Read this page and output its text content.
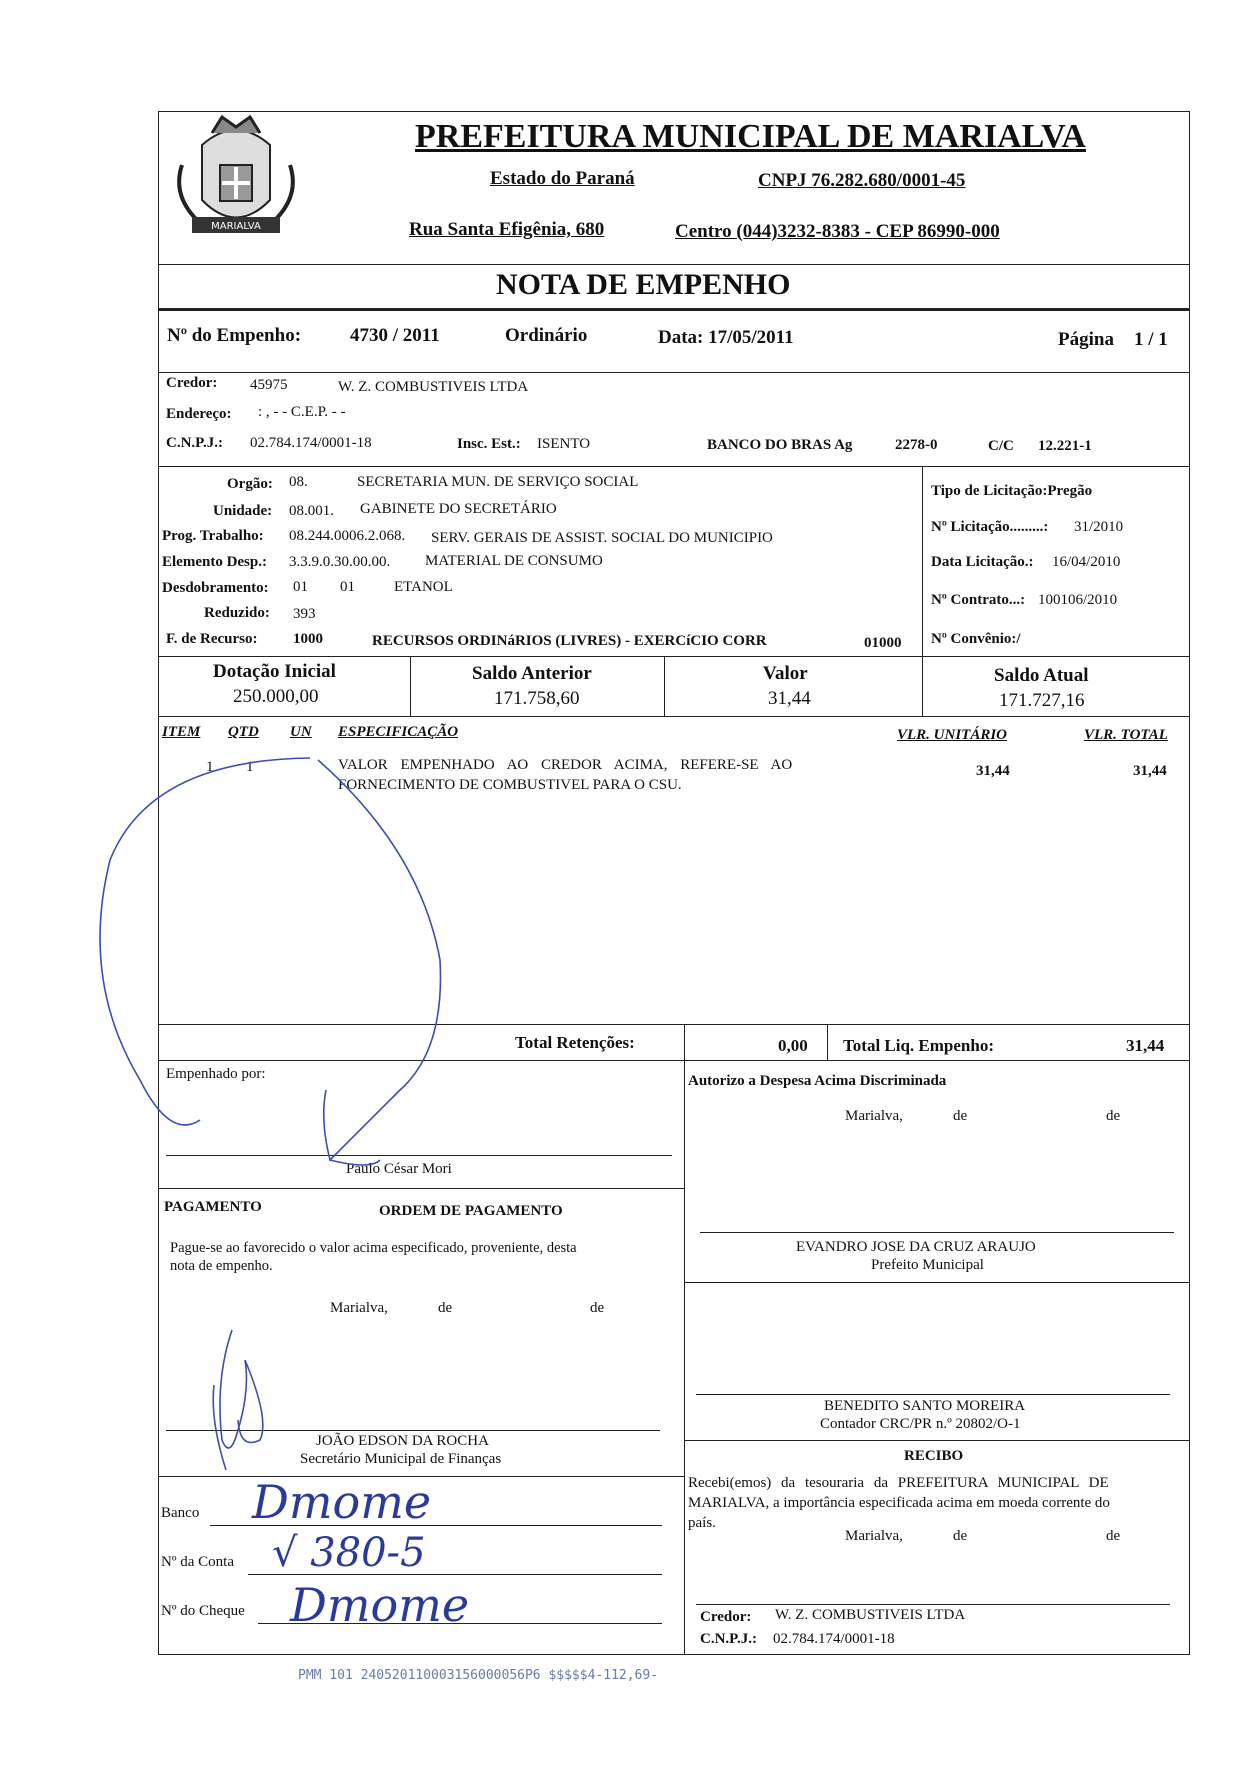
MARIALVA
PREFEITURA MUNICIPAL DE MARIALVA
Estado do Paraná	CNPJ 76.282.680/0001-45
Rua Santa Efigênia, 680	Centro (044)3232-8383 - CEP 86990-000
NOTA DE EMPENHO
Nº do Empenho:	4730 / 2011	Ordinário	Data: 17/05/2011	Página 1 / 1
Credor: 45975	W. Z. COMBUSTIVEIS LTDA
Endereço: : , - - C.E.P. - -
C.N.P.J.: 02.784.174/0001-18	Insc. Est.: ISENTO	BANCO DO BRAS Ag	2278-0	C/C 12.221-1
Orgão: 08.	SECRETARIA MUN. DE SERVIÇO SOCIAL
Unidade: 08.001. GABINETE DO SECRETÁRIO
Prog. Trabalho: 08.244.0006.2.068. SERV. GERAIS DE ASSIST. SOCIAL DO MUNICIPIO
Elemento Desp.: 3.3.9.0.30.00.00. MATERIAL DE CONSUMO
Desdobramento: 01 01	ETANOL
Reduzido: 393
F. de Recurso: 1000	RECURSOS ORDINáRIOS (LIVRES) - EXERCíCIO CORR	01000
Tipo de Licitação:Pregão
Nº Licitação.........: 31/2010
Data Licitação.: 16/04/2010
Nº Contrato...: 100106/2010
Nº Convênio:/
Dotação Inicial
250.000,00
Saldo Anterior
171.758,60
Valor
31,44
Saldo Atual
171.727,16
ITEM QTD UN ESPECIFICAÇÃO	VLR. UNITÁRIO	VLR. TOTAL
1 1	VALOR EMPENHADO AO CREDOR ACIMA, REFERE-SE AO
FORNECIMENTO DE COMBUSTIVEL PARA O CSU.
31,44	31,44
Total Retenções:	0,00 Total Liq. Empenho:	31,44
Empenhado por:
Paulo César Mori
Autorizo a Despesa Acima Discriminada
Marialva,	de	de
EVANDRO JOSE DA CRUZ ARAUJO
Prefeito Municipal
BENEDITO SANTO MOREIRA
Contador CRC/PR n.º 20802/O-1
PAGAMENTO	ORDEM DE PAGAMENTO
Pague-se ao favorecido o valor acima especificado, proveniente, desta
nota de empenho.
Marialva,	de	de
JOÃO EDSON DA ROCHA
Secretário Municipal de Finanças
Banco Dmome
Nº da Conta √ 380-5
Nº do Cheque Dmome
RECIBO
Recebi(emos) da tesouraria da PREFEITURA MUNICIPAL DE
MARIALVA, a importância especificada acima em moeda corrente do
país.
Marialva,	de	de
Credor: W. Z. COMBUSTIVEIS LTDA
C.N.P.J.: 02.784.174/0001-18
PMM 101 240520110003156000056P6 $$$$$4-112,69-
